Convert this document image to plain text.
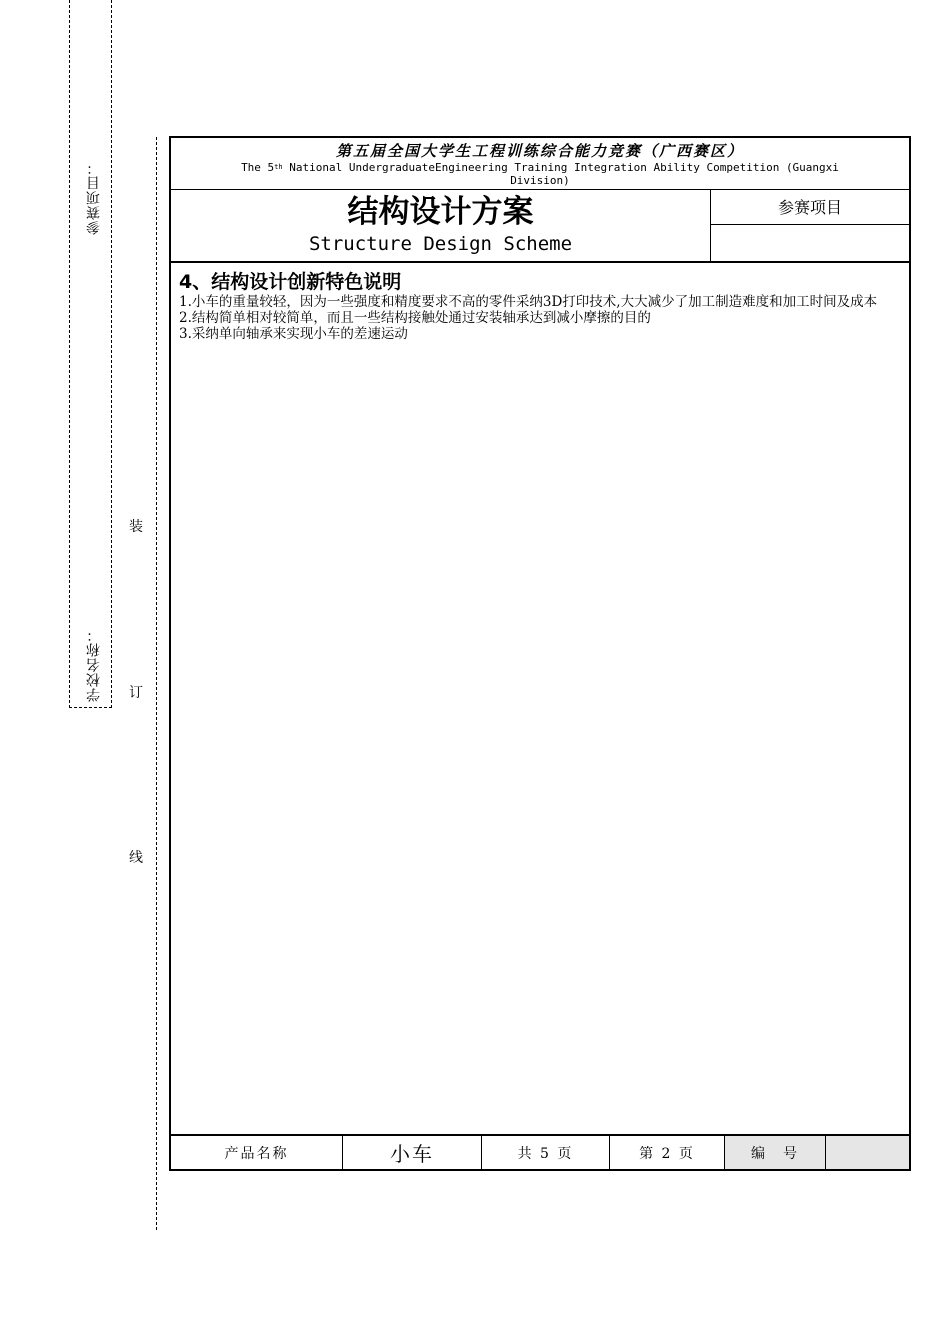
参赛项目：
学校名称：
装
订
线
第五届全国大学生工程训练综合能力竞赛（广西赛区）
The 5th National UndergraduateEngineering Training Integration Ability Competition (Guangxi Division)
结构设计方案
Structure Design Scheme
参赛项目
4、结构设计创新特色说明

1.小车的重量较轻，因为一些强度和精度要求不高的零件采纳3D打印技术,大大减少了加工制造难度和加工时间及成本

2.结构简单相对较简单，而且一些结构接触处通过安装轴承达到减小摩擦的目的

3.采纳单向轴承来实现小车的差速运动

产品名称	小车	共 5 页	第 2 页	编　号
